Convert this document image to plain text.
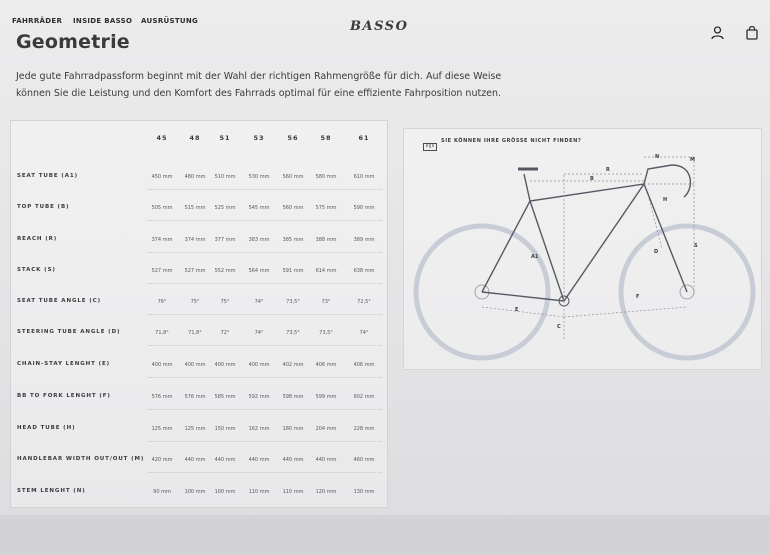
FAHRRÄDER INSIDE BASSO AUSRÜSTUNG	BASSO
Geometrie
Jede gute Fahrradpassform beginnt mit der Wahl der richtigen Rahmengröße für dich. Auf diese Weise
können Sie die Leistung und den Komfort des Fahrrads optimal für eine effiziente Fahrposition nutzen.
45	48	51	53	56	58	61
SEAT TUBE (A1)	450 mm	480 mm	510 mm	530 mm	560 mm	580 mm	610 mm
TOP TUBE (B)	505 mm	515 mm	525 mm	545 mm	560 mm	575 mm	590 mm
REACH (R)	374 mm	374 mm	377 mm	383 mm	385 mm	388 mm	389 mm
STACK (S)	527 mm	527 mm	552 mm	564 mm	591 mm	614 mm	638 mm
SEAT TUBE ANGLE (C)	76°	75°	75°	74°	73,5°	73°	72,5°
STEERING TUBE ANGLE (D)	71,8°	71,8°	72°	74°	73,5°	73,5°	74°
CHAIN-STAY LENGHT (E)	400 mm	400 mm	400 mm	400 mm	402 mm	406 mm	406 mm
BB TO FORK LENGHT (F)	576 mm	576 mm	585 mm	592 mm	598 mm	599 mm	602 mm
HEAD TUBE (H)	125 mm	125 mm	150 mm	162 mm	180 mm	204 mm	228 mm
HANDLEBAR WIDTH OUT/OUT (M)	420 mm	440 mm	440 mm	440 mm	440 mm	440 mm	460 mm
STEM LENGHT (N)	90 mm	100 mm	100 mm	110 mm	110 mm	120 mm	130 mm
SIE KÖNNEN IHRE GRÖSSE NICHT FINDEN?
N	M
R
B
H
A1
D
S
E
F
C
